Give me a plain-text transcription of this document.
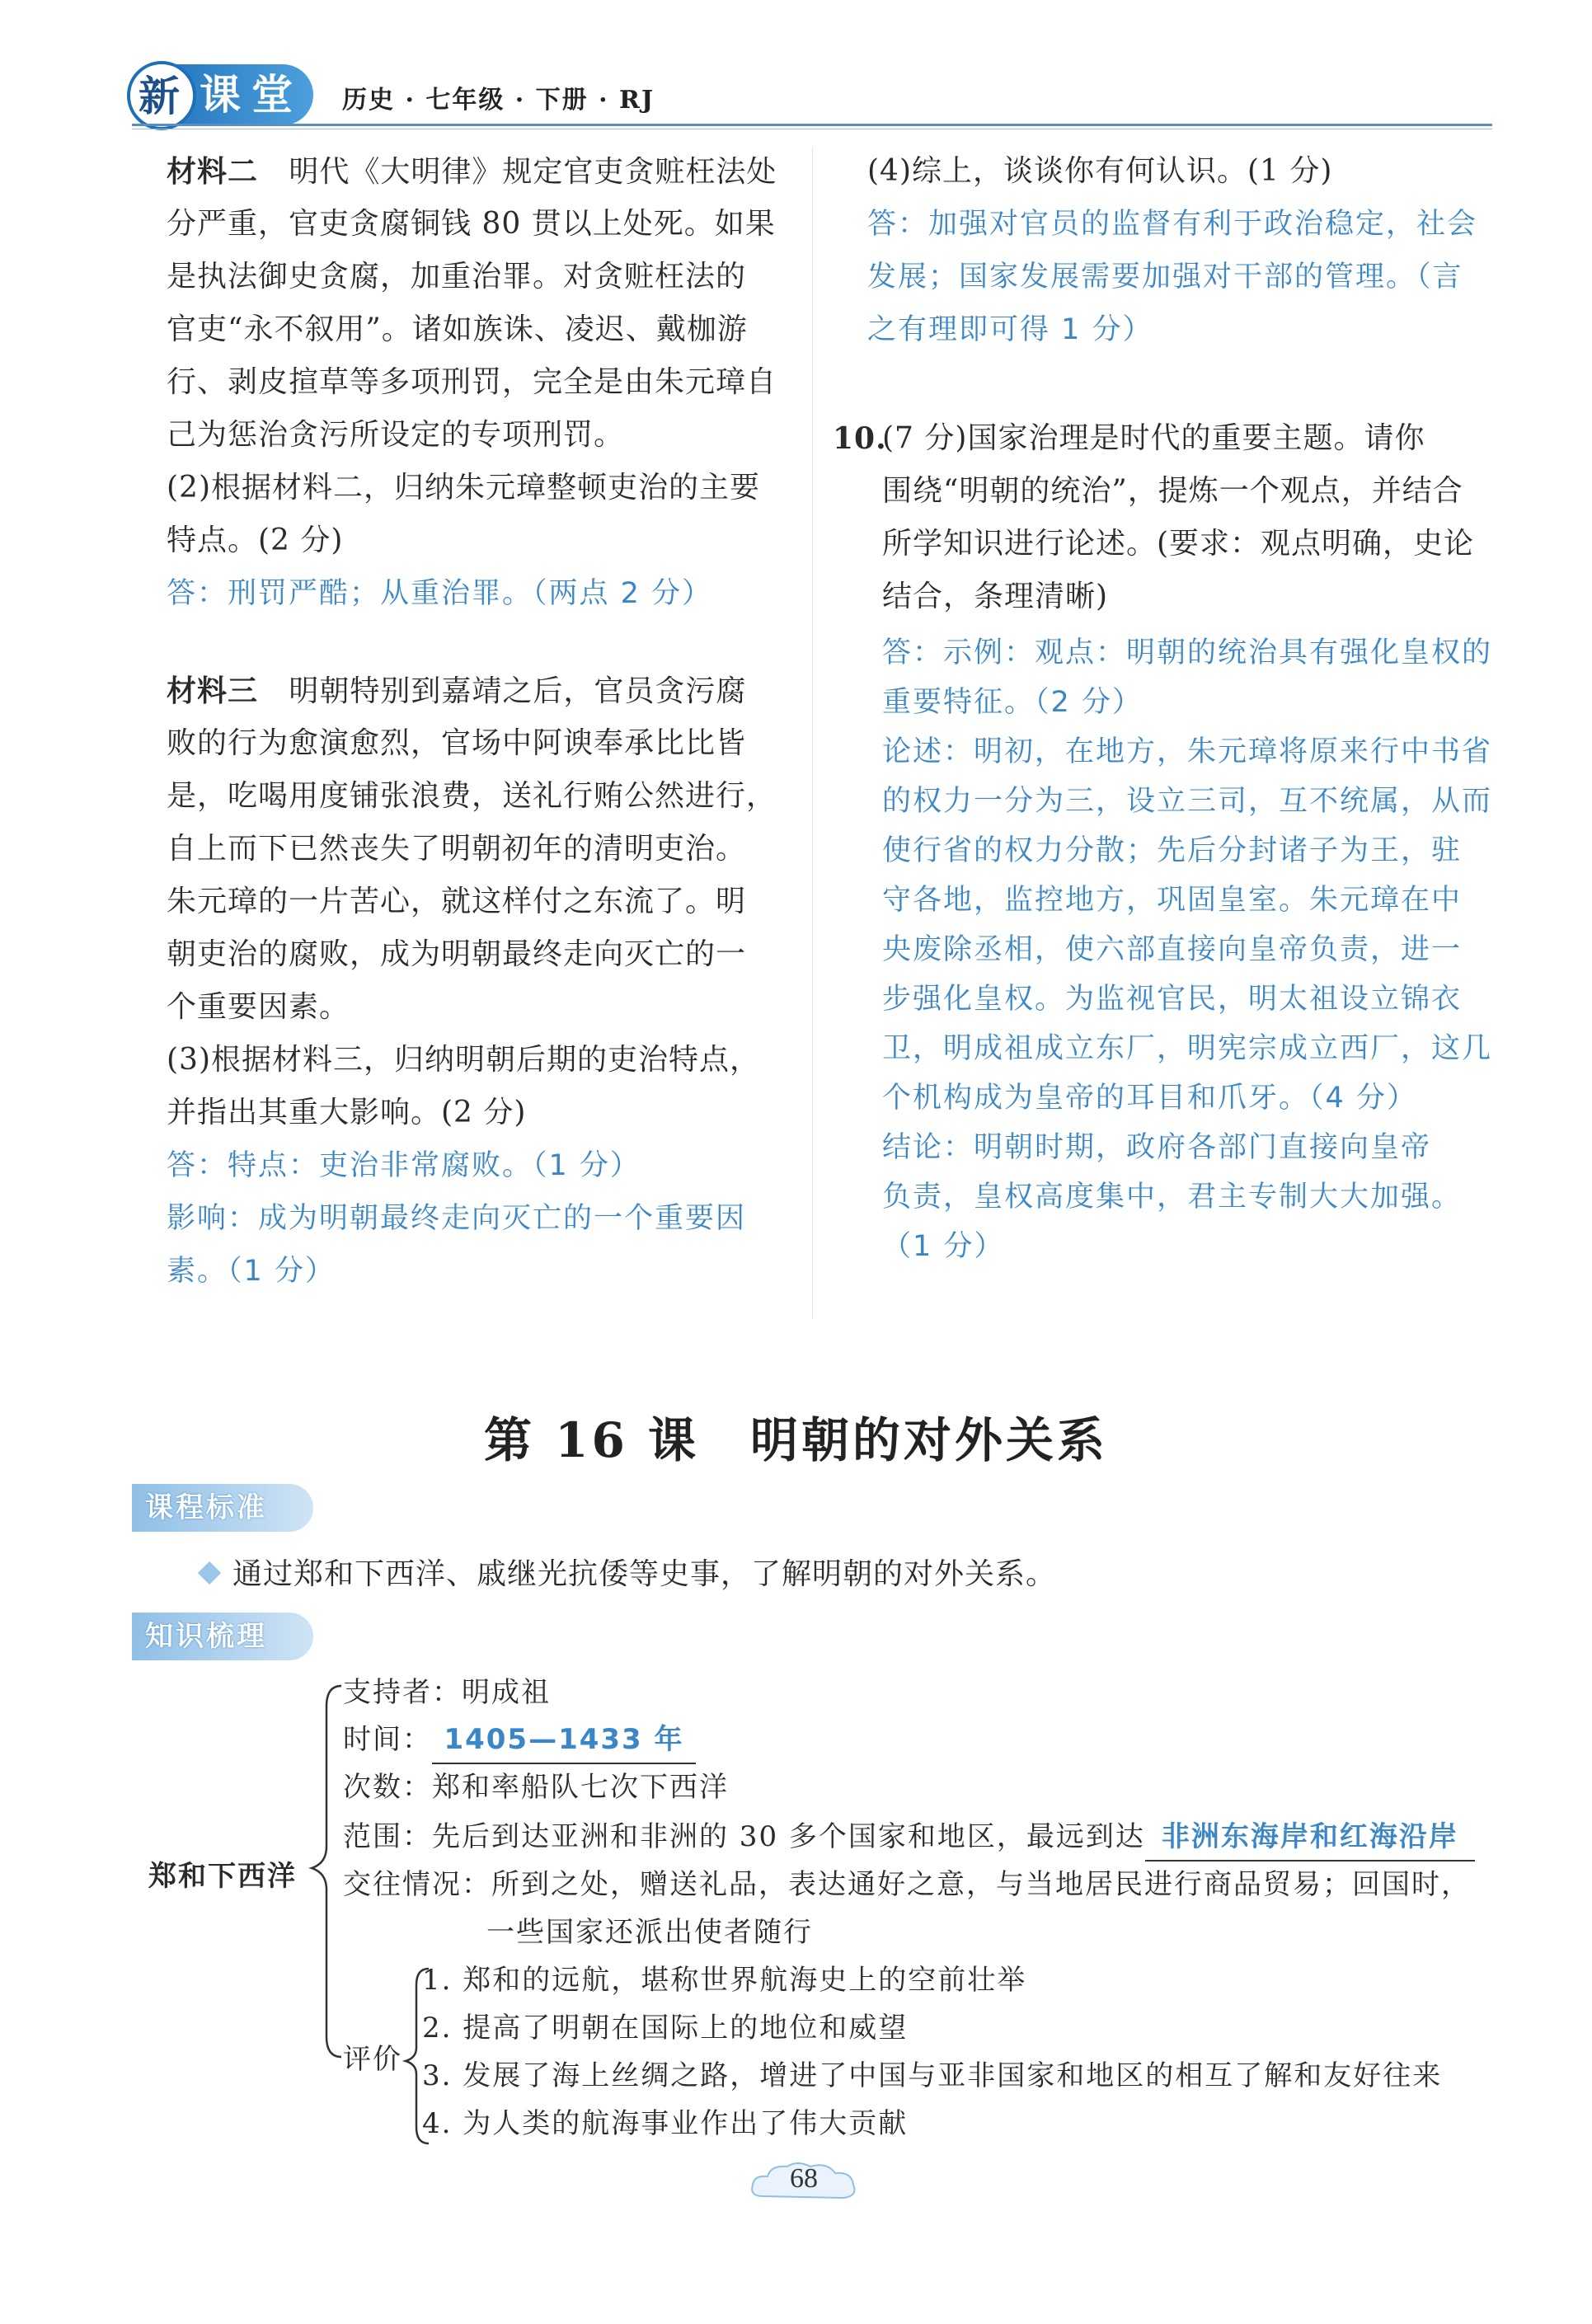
新 课 堂 历史 · 七年级 · 下册 · RJ
材料二 明代《大明律》规定官吏贪赃枉法处
分严重，官吏贪腐铜钱 80 贯以上处死。如果
是执法御史贪腐，加重治罪。对贪赃枉法的
官吏“永不叙用”。诸如族诛、凌迟、戴枷游
行、剥皮揎草等多项刑罚，完全是由朱元璋自
己为惩治贪污所设定的专项刑罚。
(2)根据材料二，归纳朱元璋整顿吏治的主要
特点。(2 分)
答：刑罚严酷；从重治罪。（两点 2 分）
材料三 明朝特别到嘉靖之后，官员贪污腐
败的行为愈演愈烈，官场中阿谀奉承比比皆
是，吃喝用度铺张浪费，送礼行贿公然进行，
自上而下已然丧失了明朝初年的清明吏治。
朱元璋的一片苦心，就这样付之东流了。明
朝吏治的腐败，成为明朝最终走向灭亡的一
个重要因素。
(3)根据材料三，归纳明朝后期的吏治特点，
并指出其重大影响。(2 分)
答：特点：吏治非常腐败。（1 分）
影响：成为明朝最终走向灭亡的一个重要因
素。（1 分）
(4)综上，谈谈你有何认识。(1 分)
答：加强对官员的监督有利于政治稳定，社会
发展；国家发展需要加强对干部的管理。（言
之有理即可得 1 分）
10.
(7 分)国家治理是时代的重要主题。请你
围绕“明朝的统治”，提炼一个观点，并结合
所学知识进行论述。(要求：观点明确，史论
结合，条理清晰)
答：示例：观点：明朝的统治具有强化皇权的
重要特征。（2 分）
论述：明初，在地方，朱元璋将原来行中书省
的权力一分为三，设立三司，互不统属，从而
使行省的权力分散；先后分封诸子为王，驻
守各地，监控地方，巩固皇室。朱元璋在中
央废除丞相，使六部直接向皇帝负责，进一
步强化皇权。为监视官民，明太祖设立锦衣
卫，明成祖成立东厂，明宪宗成立西厂，这几
个机构成为皇帝的耳目和爪牙。（4 分）
结论：明朝时期，政府各部门直接向皇帝
负责，皇权高度集中，君主专制大大加强。
（1 分）
第 16 课　明朝的对外关系
课程标准
通过郑和下西洋、戚继光抗倭等史事，了解明朝的对外关系。
知识梳理
郑和下西洋
支持者：明成祖
时间： 1405—1433 年
次数：郑和率船队七次下西洋
范围：先后到达亚洲和非洲的 30 多个国家和地区，最远到达 非洲东海岸和红海沿岸
交往情况：所到之处，赠送礼品，表达通好之意，与当地居民进行商品贸易；回国时，
一些国家还派出使者随行
评价
1. 郑和的远航，堪称世界航海史上的空前壮举
2. 提高了明朝在国际上的地位和威望
3. 发展了海上丝绸之路，增进了中国与亚非国家和地区的相互了解和友好往来
4. 为人类的航海事业作出了伟大贡献
68
